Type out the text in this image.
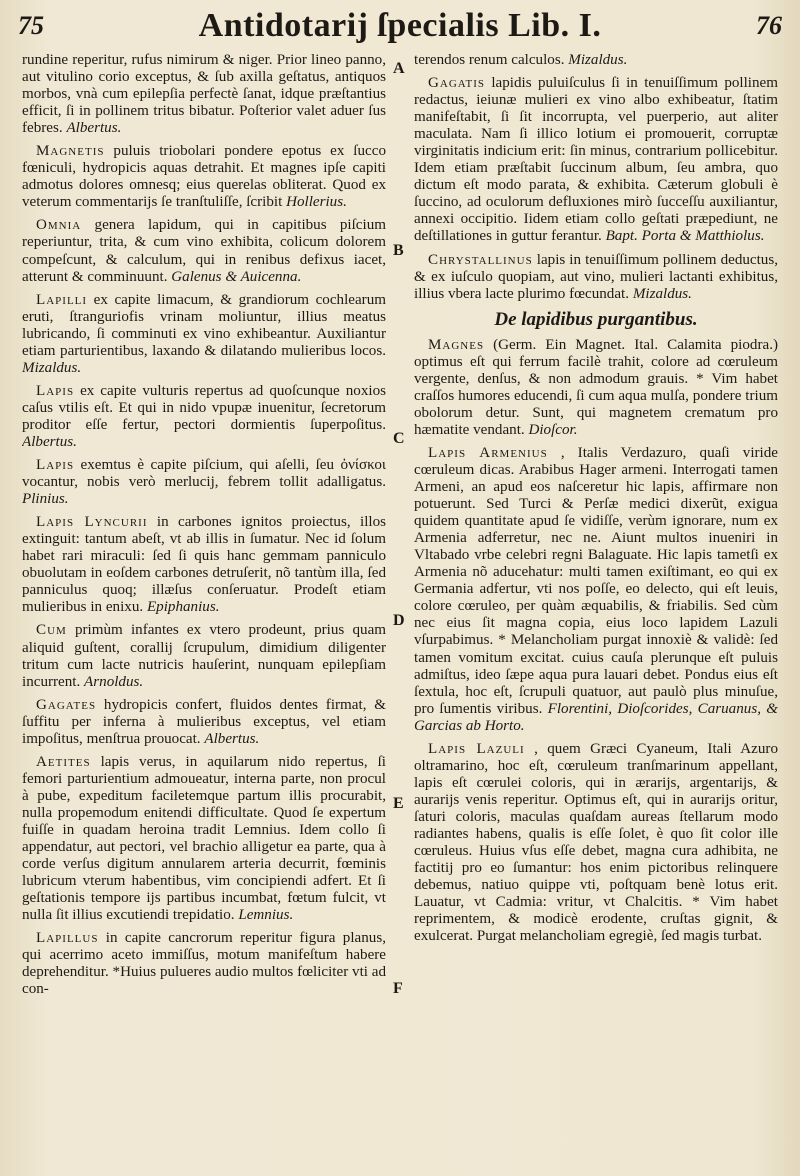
75	Antidotarij ſpecialis Lib. I.	76
A
B
C
D
E
F

rundine reperitur, rufus nimirum & niger. Prior lineo panno, aut vitulino corio exceptus, & ſub axilla geſtatus, antiquos morbos, vnà cum epilepſia perfectè ſanat, idque præſtantius efficit, ſi in pollinem tritus bibatur. Poſterior valet aduer ſus febres. Albertus.

Magnetis puluis triobolari pondere epotus ex ſucco fœniculi, hydropicis aquas detrahit. Et magnes ipſe capiti admotus dolores omnesq; eius querelas obliterat. Quod ex veterum commentarijs ſe tranſtuliſſe, ſcribit Hollerius.

Omnia genera lapidum, qui in capitibus piſcium reperiuntur, trita, & cum vino exhibita, colicum dolorem compeſcunt, & calculum, qui in renibus defixus iacet, atterunt & comminuunt. Galenus & Auicenna.

Lapilli ex capite limacum, & grandiorum cochlearum eruti, ſtranguriofis vrinam moliuntur, illius meatus lubricando, ſi comminuti ex vino exhibeantur. Auxiliantur etiam parturientibus, laxando & dilatando mulieribus locos. Mizaldus.

Lapis ex capite vulturis repertus ad quoſcunque noxios caſus vtilis eſt. Et qui in nido vpupæ inuenitur, ſecretorum proditor eſſe fertur, pectori dormientis ſuperpoſitus. Albertus.

Lapis exemtus è capite piſcium, qui aſelli, ſeu ὀνίσκοι vocantur, nobis verò merlucij, febrem tollit adalligatus. Plinius.

Lapis Lyncurii in carbones ignitos proiectus, illos extinguit: tantum abeſt, vt ab illis in ſumatur. Nec id ſolum habet rari miraculi: ſed ſi quis hanc gemmam panniculo obuolutam in eoſdem carbones detruſerit, nõ tantùm illa, ſed panniculus quoq; illæſus conſeruatur. Prodeſt etiam mulieribus in enixu. Epiphanius.

Cum primùm infantes ex vtero prodeunt, prius quam aliquid guſtent, corallij ſcrupulum, dimidium diligenter tritum cum lacte nutricis hauſerint, nunquam epilepſiam incurrent. Arnoldus.

Gagates hydropicis confert, fluidos dentes firmat, & ſuffitu per inferna à mulieribus exceptus, vel etiam impoſitus, menſtrua prouocat. Albertus.

Aetites lapis verus, in aquilarum nido repertus, ſi femori parturientium admoueatur, interna parte, non procul à pube, expeditum faciletemque partum illis procurabit, nulla propemodum enitendi difficultate. Quod ſe expertum fuiſſe in quadam heroina tradit Lemnius. Idem collo ſi appendatur, aut pectori, vel brachio alligetur ea parte, qua à corde verſus digitum annularem arteria decurrit, fœminis lubricum vterum habentibus, vim concipiendi adfert. Et ſi geſtationis tempore ijs partibus incumbat, fœtum fulcit, vt nulla ſit illius excutiendi trepidatio. Lemnius.

Lapillus in capite cancrorum reperitur figura planus, qui acerrimo aceto immiſſus, motum manifeſtum habere deprehenditur. *Huius pulueres audio multos fœliciter vti ad con-

terendos renum calculos. Mizaldus.

Gagatis lapidis puluiſculus ſi in tenuiſſimum pollinem redactus, ieiunæ mulieri ex vino albo exhibeatur, ſtatim manifeſtabit, ſi ſit incorrupta, vel puerperio, aut aliter maculata. Nam ſi illico lotium ei promouerit, corruptæ virginitatis indicium erit: ſin minus, contrarium pollicebitur. Idem etiam præſtabit ſuccinum album, ſeu ambra, quo dictum eſt modo parata, & exhibita. Cæterum globuli è ſuccino, ad oculorum defluxiones mirò ſucceſſu auxiliantur, annexi occipitio. Iidem etiam collo geſtati præpediunt, ne deſtillationes in guttur ferantur. Bapt. Porta & Matthiolus.

Chrystallinus lapis in tenuiſſimum pollinem deductus, & ex iuſculo quopiam, aut vino, mulieri lactanti exhibitus, illius vbera lacte plurimo fœcundat. Mizaldus.

De lapidibus purgantibus.

Magnes (Germ. Ein Magnet. Ital. Calamita piodra.) optimus eſt qui ferrum facilè trahit, colore ad cœruleum vergente, denſus, & non admodum grauis. * Vim habet craſſos humores educendi, ſi cum aqua mulſa, pondere trium obolorum detur. Sunt, qui magnetem crematum pro hæmatite vendant. Dioſcor.

Lapis Armenius , Italis Verdazuro, quaſi viride cœruleum dicas. Arabibus Hager armeni. Interrogati tamen Armeni, an apud eos naſceretur hic lapis, affirmare non potuerunt. Sed Turci & Perſæ medici dixerũt, exigua quidem quantitate apud ſe vidiſſe, verùm ignorare, num ex Armenia adferretur, nec ne. Aiunt multos inueniri in Vltabado vrbe celebri regni Balaguate. Hic lapis tametſi ex Armenia nõ aducehatur: multi tamen exiſtimant, eo qui ex Germania adfertur, vti nos poſſe, eo delecto, qui eſt leuis, colore cœruleo, per quàm æquabilis, & friabilis. Sed cùm nec eius ſit magna copia, eius loco lapidem Lazuli vſurpabimus. * Melancholiam purgat innoxiè & validè: ſed tamen vomitum excitat. cuius cauſa plerunque eſt puluis admiſtus, ideo ſæpe aqua pura lauari debet. Pondus eius eſt ſextula, hoc eſt, ſcrupuli quatuor, aut paulò plus minuſue, pro ſumentis viribus. Florentini, Dioſcorides, Caruanus, & Garcias ab Horto.

Lapis Lazuli , quem Græci Cyaneum, Itali Azuro oltramarino, hoc eſt, cœruleum tranſmarinum appellant, lapis eſt cœrulei coloris, qui in ærarijs, argentarijs, & aurarijs venis reperitur. Optimus eſt, qui in aurarijs oritur, ſaturi coloris, maculas quaſdam aureas ſtellarum modo radiantes habens, qualis is eſſe ſolet, è quo ſit color ille cœruleus. Huius vſus eſſe debet, magna cura adhibita, ne factitij pro eo ſumantur: hos enim pictoribus relinquere debemus, natiuo quippe vti, poſtquam benè lotus erit. Lauatur, vt Cadmia: vritur, vt Chalcitis. * Vim habet reprimentem, & modicè erodente, cruſtas gignit, & exulcerat. Purgat melancholiam egregiè, ſed magis turbat.
